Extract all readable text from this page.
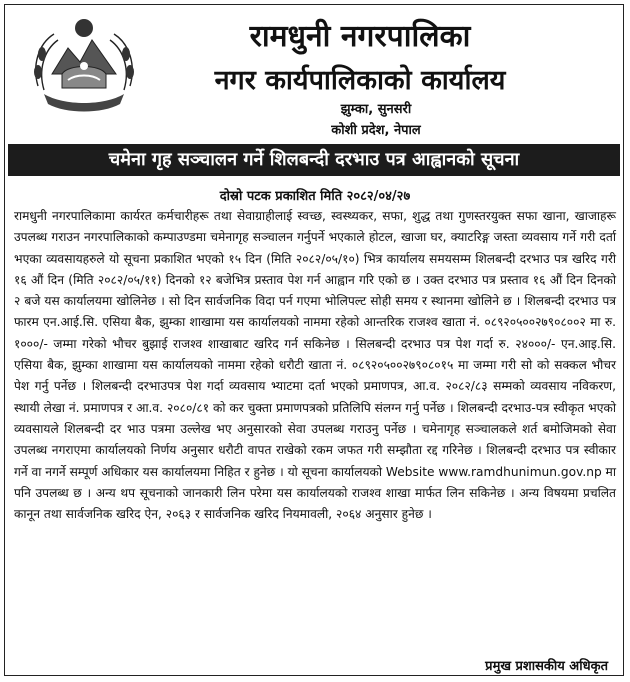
रामधुनी नगरपालिका
नगर कार्यपालिकाको कार्यालय
झुम्का, सुनसरी
कोशी प्रदेश, नेपाल
चमेना गृह सञ्चालन गर्ने शिलबन्दी दरभाउ पत्र आह्वानको सूचना
दोस्रो पटक प्रकाशित मिति २०८२/०४/२७
रामधुनी नगरपालिकामा कार्यरत कर्मचारीहरू तथा सेवाग्राहीलाई स्वच्छ, स्वस्थ्यकर, सफा, शुद्ध तथा गुणस्तरयुक्त सफा खाना, खाजाहरू उपलब्ध गराउन नगरपालिकाको कम्पाउण्डमा चमेनागृह सञ्चालन गर्नुपर्ने भएकाले होटल, खाजा घर, क्याटरिङ्ग जस्ता व्यवसाय गर्ने गरी दर्ता भएका व्यवसायहरुले यो सूचना प्रकाशित भएको १५ दिन (मिति २०८२/०५/१०) भित्र कार्यालय समयसम्म शिलबन्दी दरभाउ पत्र खरिद गरी १६ औं दिन (मिति २०८२/०५/११) दिनको १२ बजेभित्र प्रस्ताव पेश गर्न आह्वान गरि एको छ । उक्त दरभाउ पत्र प्रस्ताव १६ औं दिन दिनको २ बजे यस कार्यालयमा खोलिनेछ । सो दिन सार्वजनिक विदा पर्न गएमा भोलिपल्ट सोही समय र स्थानमा खोलिने छ । शिलबन्दी दरभाउ पत्र फारम एन.आई.सि. एसिया बैक, झुम्का शाखामा यस कार्यालयको नाममा रहेको आन्तरिक राजश्व खाता नं. ०८९२०५००२७९०८००२ मा रु. १०००/- जम्मा गरेको भौचर बुझाई राजश्व शाखाबाट खरिद गर्न सकिनेछ । सिलबन्दी दरभाउ पत्र पेश गर्दा रु. २४०००/- एन.आइ.सि. एसिया बैक, झुम्का शाखामा यस कार्यालयको नाममा रहेको धरौटी खाता नं. ०८९२०५००२७९०८०१५ मा जम्मा गरी सो को सक्कल भौचर पेश गर्नु पर्नेछ । शिलबन्दी दरभाउपत्र पेश गर्दा व्यवसाय भ्याटमा दर्ता भएको प्रमाणपत्र, आ.व. २०८२/८३ सम्मको व्यवसाय नविकरण, स्थायी लेखा नं. प्रमाणपत्र र आ.व. २०८०/८१ को कर चुक्ता प्रमाणपत्रको प्रतिलिपि संलग्न गर्नु पर्नेछ । शिलबन्दी दरभाउ-पत्र स्वीकृत भएको व्यवसायले शिलबन्दी दर भाउ पत्रमा उल्लेख भए अनुसारको सेवा उपलब्ध गराउनु पर्नेछ । चमेनागृह सञ्चालकले शर्त बमोजिमको सेवा उपलब्ध नगराएमा कार्यालयको निर्णय अनुसार धरौटी वापत राखेको रकम जफत गरी सम्झौता रद्द गरिनेछ । शिलबन्दी दरभाउ पत्र स्वीकार गर्ने वा नगर्ने सम्पूर्ण अधिकार यस कार्यालयमा निहित र हुनेछ । यो सूचना कार्यालयको Website www.ramdhunimun.gov.np मा पनि उपलब्ध छ । अन्य थप सूचनाको जानकारी लिन परेमा यस कार्यालयको राजश्व शाखा मार्फत लिन सकिनेछ । अन्य विषयमा प्रचलित कानून तथा सार्वजनिक खरिद ऐन, २०६३ र सार्वजनिक खरिद नियमावली, २०६४ अनुसार हुनेछ ।
प्रमुख प्रशासकीय अधिकृत
